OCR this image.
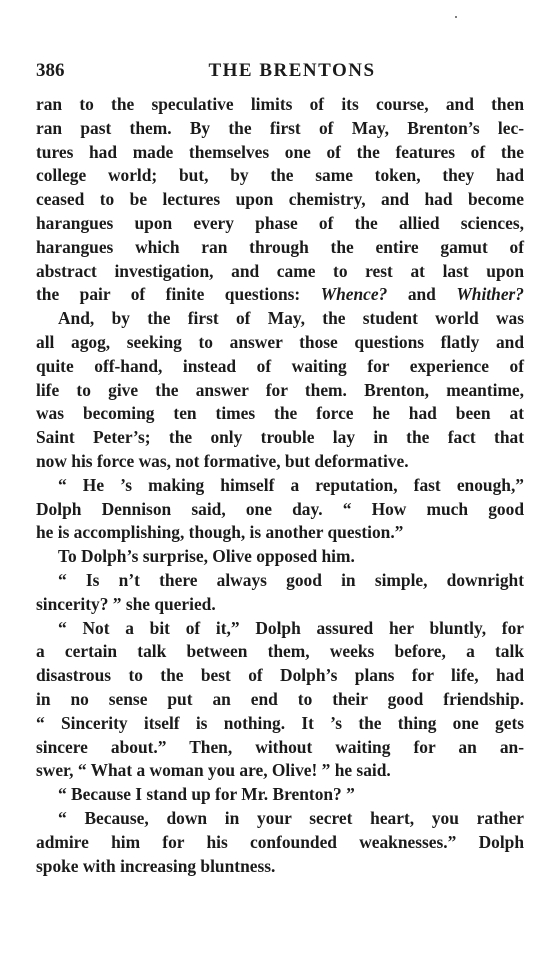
386	THE BRENTONS
ran to the speculative limits of its course, and then
ran past them. By the first of May, Brenton’s lec-
tures had made themselves one of the features of the
college world; but, by the same token, they had
ceased to be lectures upon chemistry, and had become
harangues upon every phase of the allied sciences,
harangues which ran through the entire gamut of
abstract investigation, and came to rest at last upon
the pair of finite questions: Whence? and Whither?
And, by the first of May, the student world was
all agog, seeking to answer those questions flatly and
quite off-hand, instead of waiting for experience of
life to give the answer for them. Brenton, meantime,
was becoming ten times the force he had been at
Saint Peter’s; the only trouble lay in the fact that
now his force was, not formative, but deformative.
“ He ’s making himself a reputation, fast enough,”
Dolph Dennison said, one day. “ How much good
he is accomplishing, though, is another question.”
To Dolph’s surprise, Olive opposed him.
“ Is n’t there always good in simple, downright
sincerity? ” she queried.
“ Not a bit of it,” Dolph assured her bluntly, for
a certain talk between them, weeks before, a talk
disastrous to the best of Dolph’s plans for life, had
in no sense put an end to their good friendship.
“ Sincerity itself is nothing. It ’s the thing one gets
sincere about.” Then, without waiting for an an-
swer, “ What a woman you are, Olive! ” he said.
“ Because I stand up for Mr. Brenton? ”
“ Because, down in your secret heart, you rather
admire him for his confounded weaknesses.” Dolph
spoke with increasing bluntness.
